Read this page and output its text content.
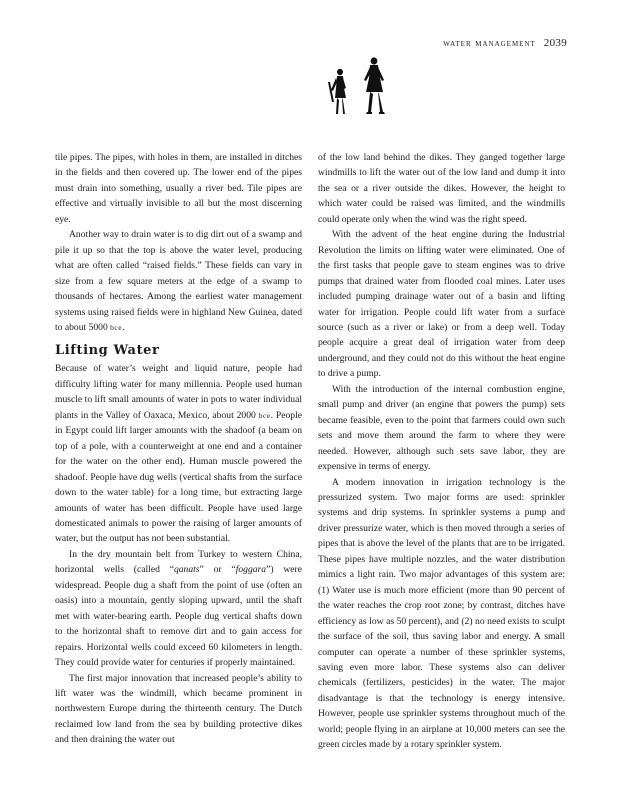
water management 2039

tile pipes. The pipes, with holes in them, are installed in ditches in the fields and then covered up. The lower end of the pipes must drain into something, usually a river bed. Tile pipes are effective and virtually invisible to all but the most discerning eye.

Another way to drain water is to dig dirt out of a swamp and pile it up so that the top is above the water level, producing what are often called “raised fields.” These fields can vary in size from a few square meters at the edge of a swamp to thousands of hectares. Among the earliest water management systems using raised fields were in highland New Guinea, dated to about 5000 bce.

Lifting Water

Because of water’s weight and liquid nature, people had difficulty lifting water for many millennia. People used human muscle to lift small amounts of water in pots to water individual plants in the Valley of Oaxaca, Mexico, about 2000 bce. People in Egypt could lift larger amounts with the shadoof (a beam on top of a pole, with a counterweight at one end and a container for the water on the other end). Human muscle powered the shadoof. People have dug wells (vertical shafts from the surface down to the water table) for a long time, but extracting large amounts of water has been difficult. People have used large domesticated animals to power the raising of larger amounts of water, but the output has not been substantial.

In the dry mountain belt from Turkey to western China, horizontal wells (called “qanats” or “foggara”) were widespread. People dug a shaft from the point of use (often an oasis) into a mountain, gently sloping upward, until the shaft met with water-bearing earth. People dug vertical shafts down to the horizontal shaft to remove dirt and to gain access for repairs. Horizontal wells could exceed 60 kilometers in length. They could provide water for centuries if properly maintained.

The first major innovation that increased people’s ability to lift water was the windmill, which became prominent in northwestern Europe during the thirteenth century. The Dutch reclaimed low land from the sea by building protective dikes and then draining the water out

of the low land behind the dikes. They ganged together large windmills to lift the water out of the low land and dump it into the sea or a river outside the dikes. However, the height to which water could be raised was limited, and the windmills could operate only when the wind was the right speed.

With the advent of the heat engine during the Industrial Revolution the limits on lifting water were eliminated. One of the first tasks that people gave to steam engines was to drive pumps that drained water from flooded coal mines. Later uses included pumping drainage water out of a basin and lifting water for irrigation. People could lift water from a surface source (such as a river or lake) or from a deep well. Today people acquire a great deal of irrigation water from deep underground, and they could not do this without the heat engine to drive a pump.

With the introduction of the internal combustion engine, small pump and driver (an engine that powers the pump) sets became feasible, even to the point that farmers could own such sets and move them around the farm to where they were needed. However, although such sets save labor, they are expensive in terms of energy.

A modern innovation in irrigation technology is the pressurized system. Two major forms are used: sprinkler systems and drip systems. In sprinkler systems a pump and driver pressurize water, which is then moved through a series of pipes that is above the level of the plants that are to be irrigated. These pipes have multiple nozzles, and the water distribution mimics a light rain. Two major advantages of this system are: (1) Water use is much more efficient (more than 90 percent of the water reaches the crop root zone; by contrast, ditches have efficiency as low as 50 percent), and (2) no need exists to sculpt the surface of the soil, thus saving labor and energy. A small computer can operate a number of these sprinkler systems, saving even more labor. These systems also can deliver chemicals (fertilizers, pesticides) in the water. The major disadvantage is that the technology is energy intensive. However, people use sprinkler systems throughout much of the world; people flying in an airplane at 10,000 meters can see the green circles made by a rotary sprinkler system.
